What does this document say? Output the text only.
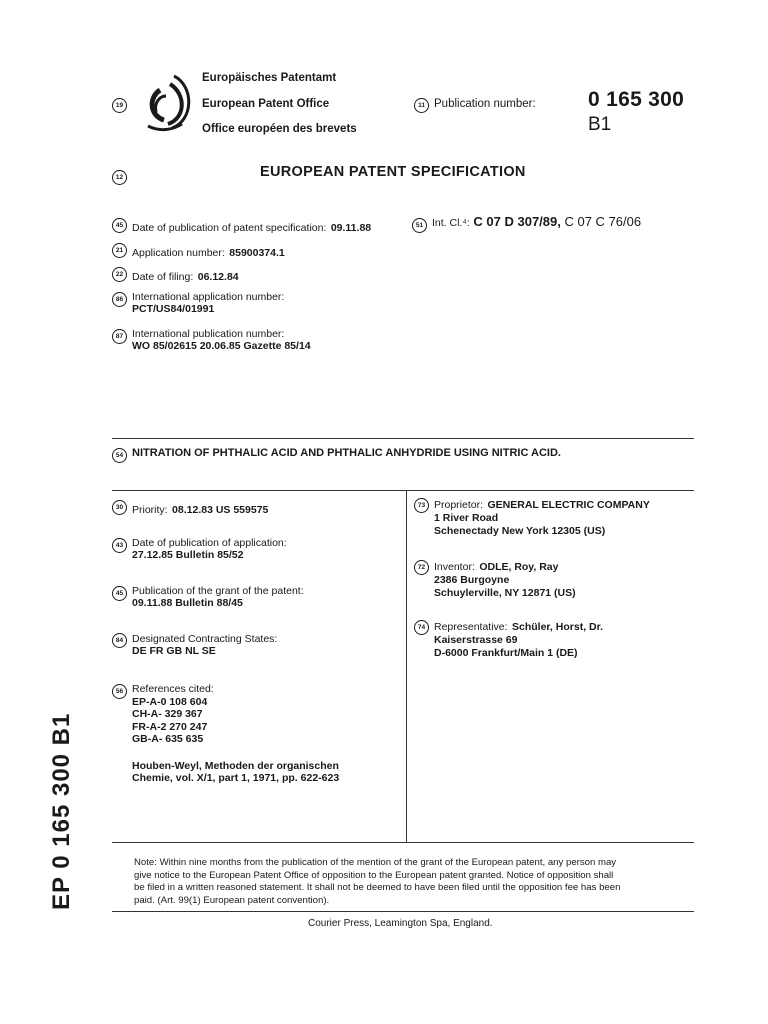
19
Europäisches Patentamt
European Patent Office
Office européen des brevets
11 Publication number: 0 165 300
B1
12	EUROPEAN PATENT SPECIFICATION
45 Date of publication of patent specification: 09.11.88	51 Int. Cl.⁴: C 07 D 307/89, C 07 C 76/06
21 Application number: 85900374.1
22 Date of filing: 06.12.84
86 International application number:
PCT/US84/01991
87 International publication number:
WO 85/02615 20.06.85 Gazette 85/14
54 NITRATION OF PHTHALIC ACID AND PHTHALIC ANHYDRIDE USING NITRIC ACID.
30 Priority: 08.12.83 US 559575
43 Date of publication of application:
27.12.85 Bulletin 85/52
45 Publication of the grant of the patent:
09.11.88 Bulletin 88/45
84 Designated Contracting States:
DE FR GB NL SE
56 References cited:
EP-A-0 108 604
CH-A- 329 367
FR-A-2 270 247
GB-A- 635 635
Houben-Weyl, Methoden der organischen
Chemie, vol. X/1, part 1, 1971, pp. 622-623
73 Proprietor: GENERAL ELECTRIC COMPANY
1 River Road
Schenectady New York 12305 (US)
72 Inventor: ODLE, Roy, Ray
2386 Burgoyne
Schuylerville, NY 12871 (US)
74 Representative: Schüler, Horst, Dr.
Kaiserstrasse 69
D-6000 Frankfurt/Main 1 (DE)
Note: Within nine months from the publication of the mention of the grant of the European patent, any person may
give notice to the European Patent Office of opposition to the European patent granted. Notice of opposition shall
be filed in a written reasoned statement. It shall not be deemed to have been filed until the opposition fee has been
paid. (Art. 99(1) European patent convention).
Courier Press, Leamington Spa, England.
EP 0 165 300 B1
